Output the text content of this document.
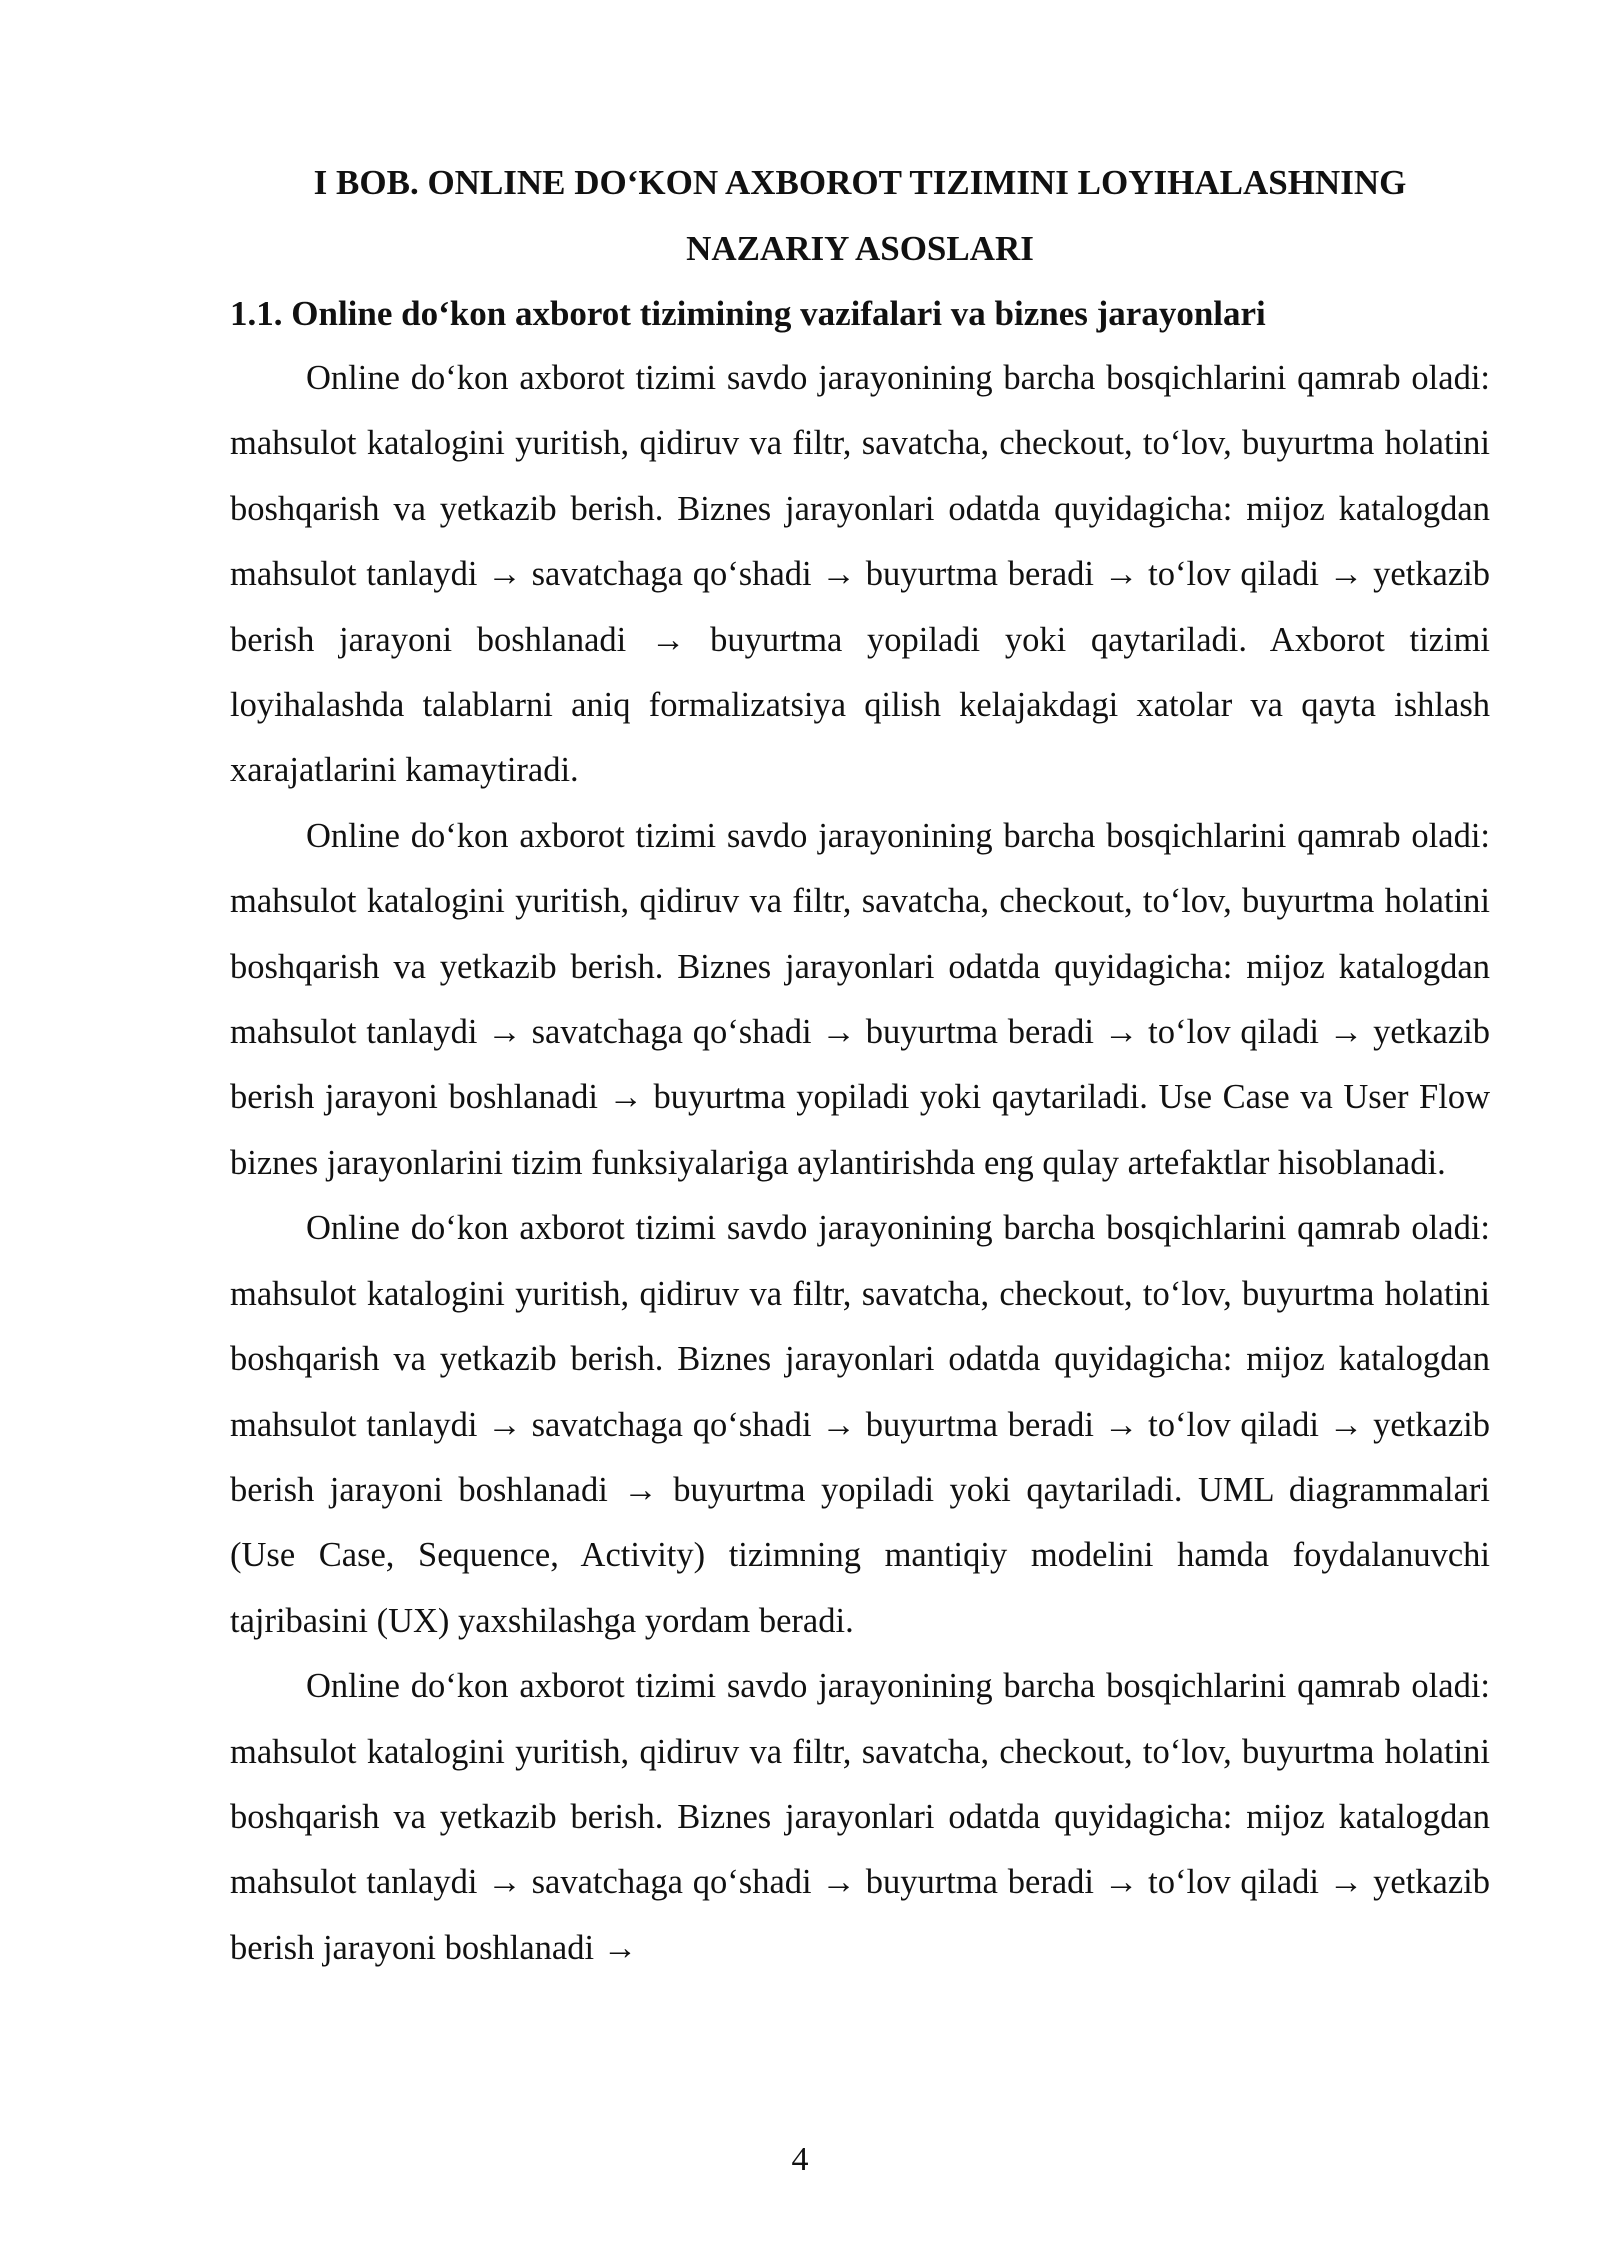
I BOB. ONLINE DO‘KON AXBOROT TIZIMINI LOYIHALASHNING NAZARIY ASOSLARI
1.1. Online do‘kon axborot tizimining vazifalari va biznes jarayonlari

Online do‘kon axborot tizimi savdo jarayonining barcha bosqichlarini qamrab oladi: mahsulot katalogini yuritish, qidiruv va filtr, savatcha, checkout, to‘lov, buyurtma holatini boshqarish va yetkazib berish. Biznes jarayonlari odatda quyidagicha: mijoz katalogdan mahsulot tanlaydi → savatchaga qo‘shadi → buyurtma beradi → to‘lov qiladi → yetkazib berish jarayoni boshlanadi → buyurtma yopiladi yoki qaytariladi. Axborot tizimi loyihalashda talablarni aniq formalizatsiya qilish kelajakdagi xatolar va qayta ishlash xarajatlarini kamaytiradi.

Online do‘kon axborot tizimi savdo jarayonining barcha bosqichlarini qamrab oladi: mahsulot katalogini yuritish, qidiruv va filtr, savatcha, checkout, to‘lov, buyurtma holatini boshqarish va yetkazib berish. Biznes jarayonlari odatda quyidagicha: mijoz katalogdan mahsulot tanlaydi → savatchaga qo‘shadi → buyurtma beradi → to‘lov qiladi → yetkazib berish jarayoni boshlanadi → buyurtma yopiladi yoki qaytariladi. Use Case va User Flow biznes jarayonlarini tizim funksiyalariga aylantirishda eng qulay artefaktlar hisoblanadi.

Online do‘kon axborot tizimi savdo jarayonining barcha bosqichlarini qamrab oladi: mahsulot katalogini yuritish, qidiruv va filtr, savatcha, checkout, to‘lov, buyurtma holatini boshqarish va yetkazib berish. Biznes jarayonlari odatda quyidagicha: mijoz katalogdan mahsulot tanlaydi → savatchaga qo‘shadi → buyurtma beradi → to‘lov qiladi → yetkazib berish jarayoni boshlanadi → buyurtma yopiladi yoki qaytariladi. UML diagrammalari (Use Case, Sequence, Activity) tizimning mantiqiy modelini hamda foydalanuvchi tajribasini (UX) yaxshilashga yordam beradi.

Online do‘kon axborot tizimi savdo jarayonining barcha bosqichlarini qamrab oladi: mahsulot katalogini yuritish, qidiruv va filtr, savatcha, checkout, to‘lov, buyurtma holatini boshqarish va yetkazib berish. Biznes jarayonlari odatda quyidagicha: mijoz katalogdan mahsulot tanlaydi → savatchaga qo‘shadi → buyurtma beradi → to‘lov qiladi → yetkazib berish jarayoni boshlanadi →

4
